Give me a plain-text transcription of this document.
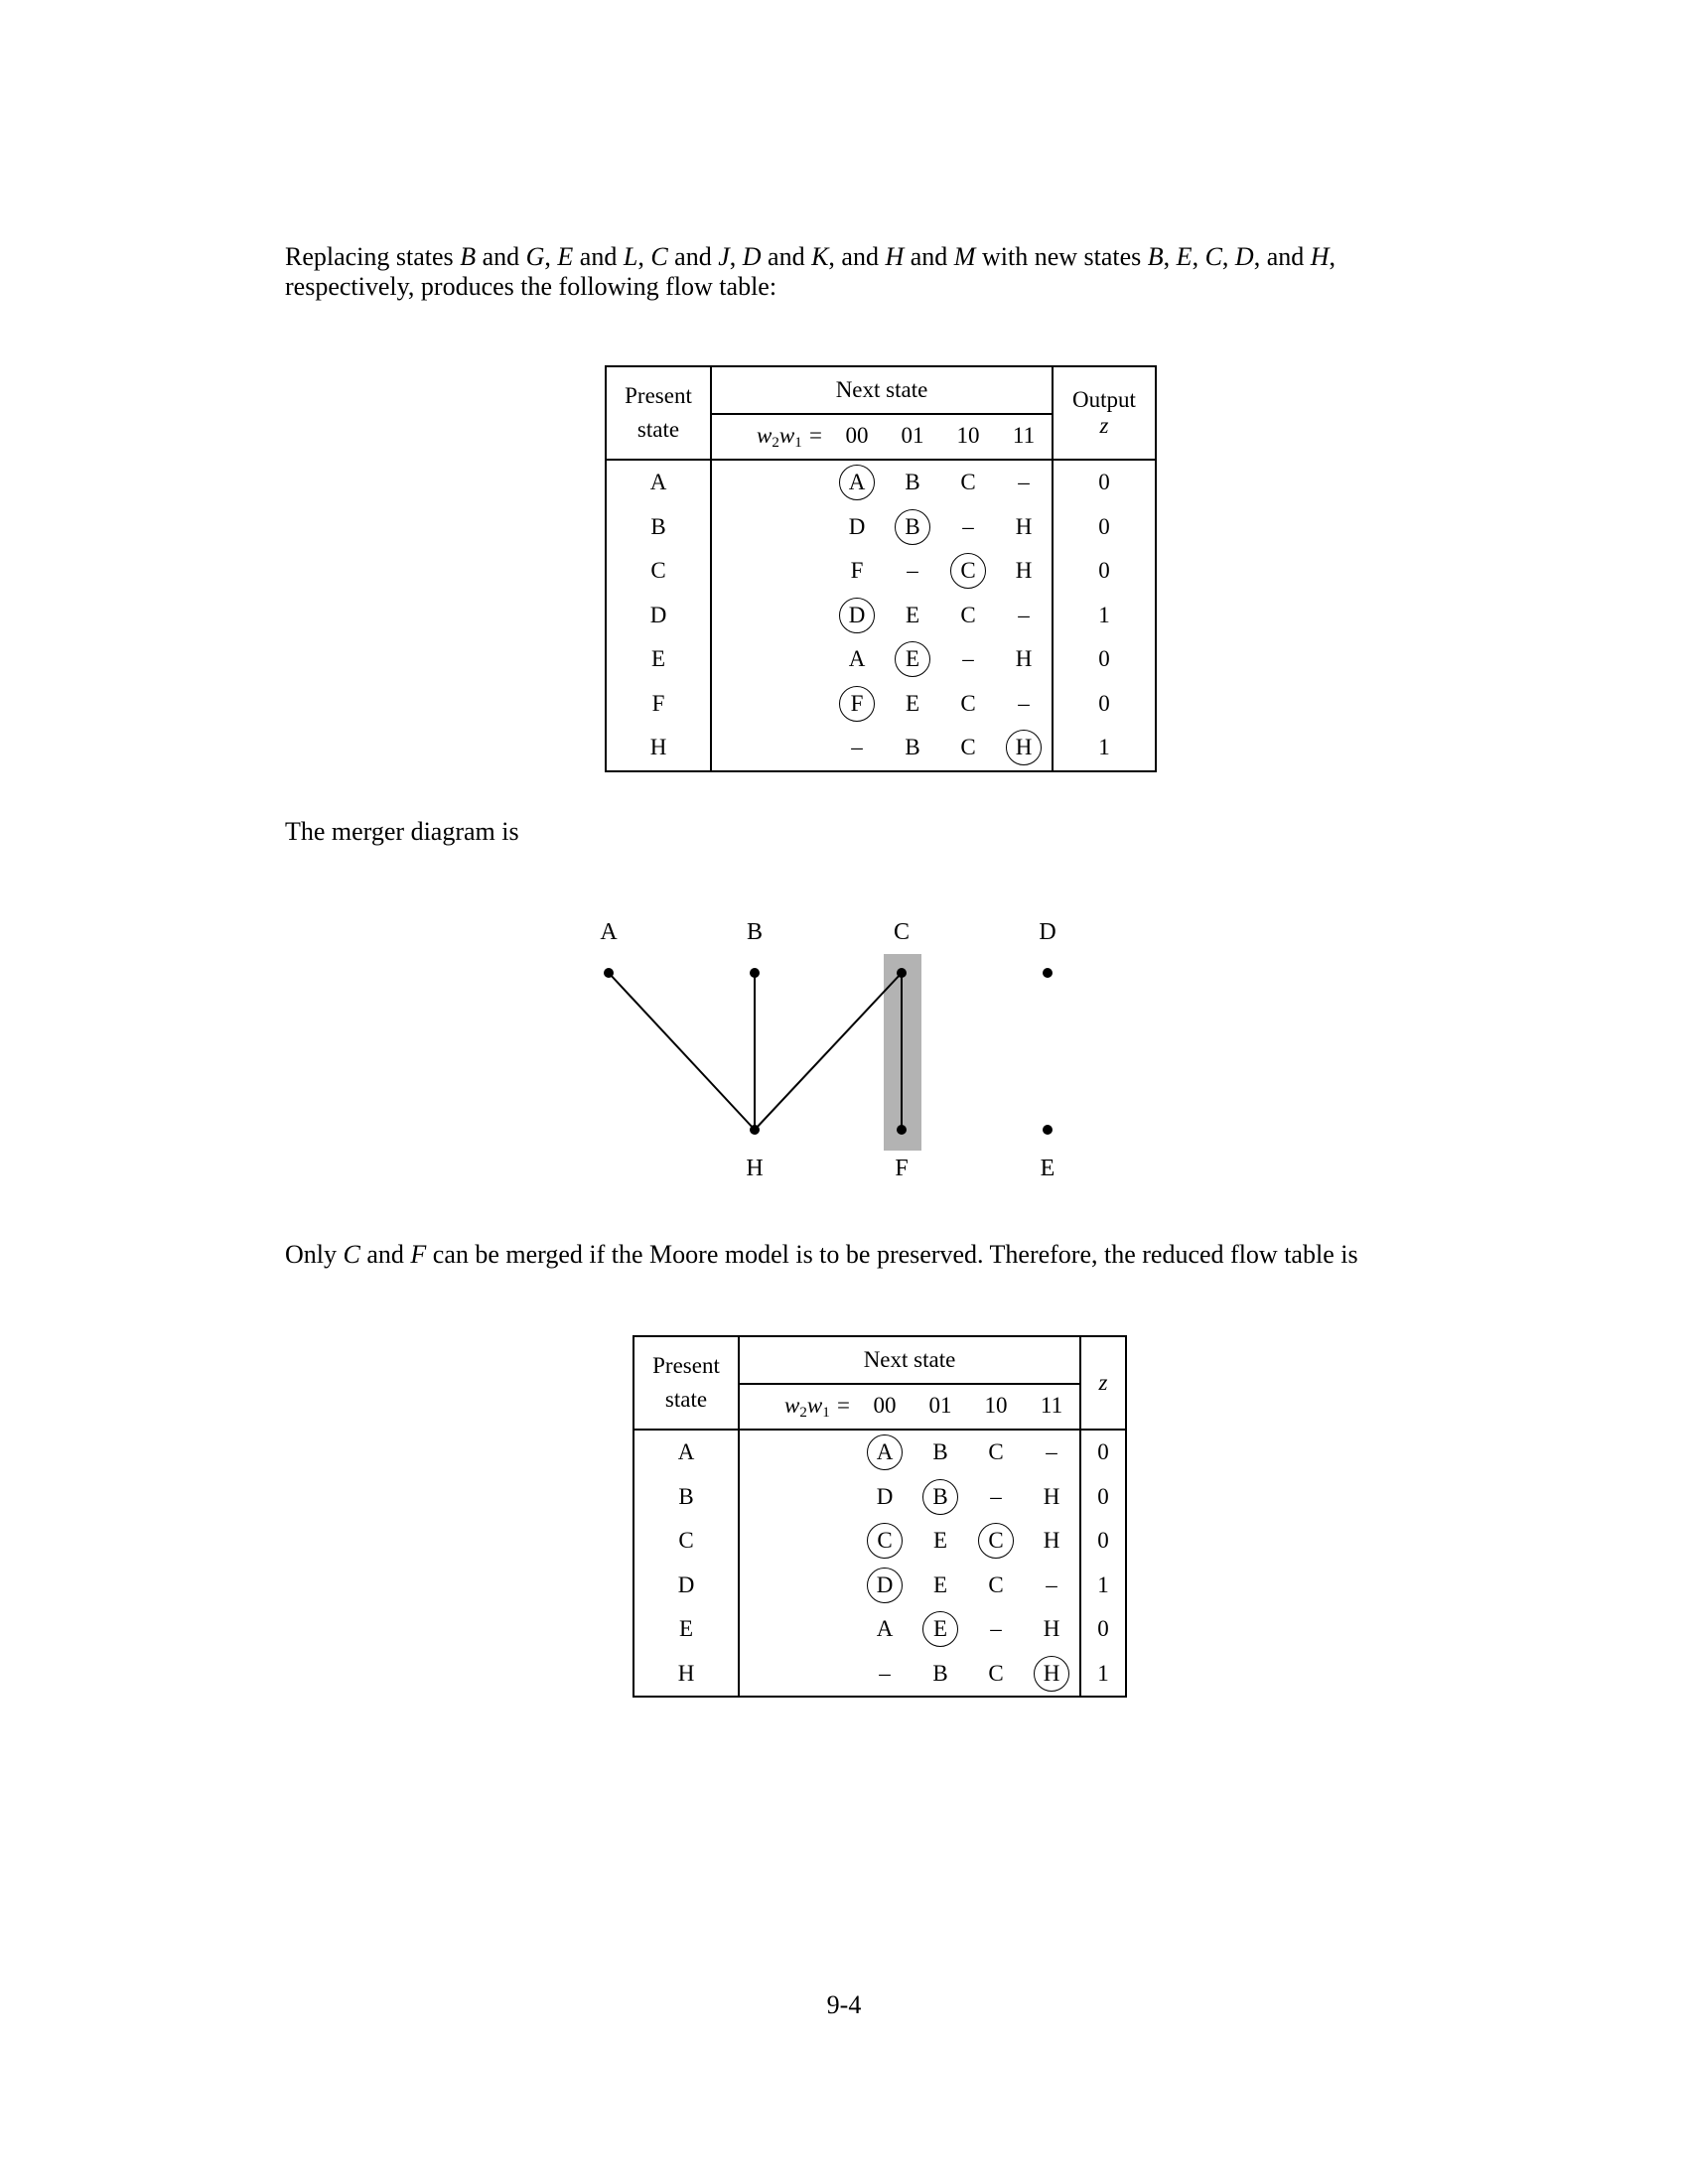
Replacing states B and G, E and L, C and J, D and K, and H and M with new states B, E, C, D, and H,
respectively, produces the following flow table:
Present state	Next state	Output
z

	$w_2w_1 = 00$ 01 10 11	
A	A B C –	0
B	D B – H	0
C	F – C H	0
D	D E C –	1
E	A E – H	0
F	F E C –	0
H	– B C H	1
The merger diagram is
A	B	C	D
H	F	E
Only C and F can be merged if the Moore model is to be preserved. Therefore, the reduced flow table is
Present state	Next state	z
	$w_2w_1 = 00$ 01 10 11	
A	A B C –	0
B	D B – H	0
C	C E C H	0
D	D E C –	1
E	A E – H	0
H	– B C H	1
9-4
